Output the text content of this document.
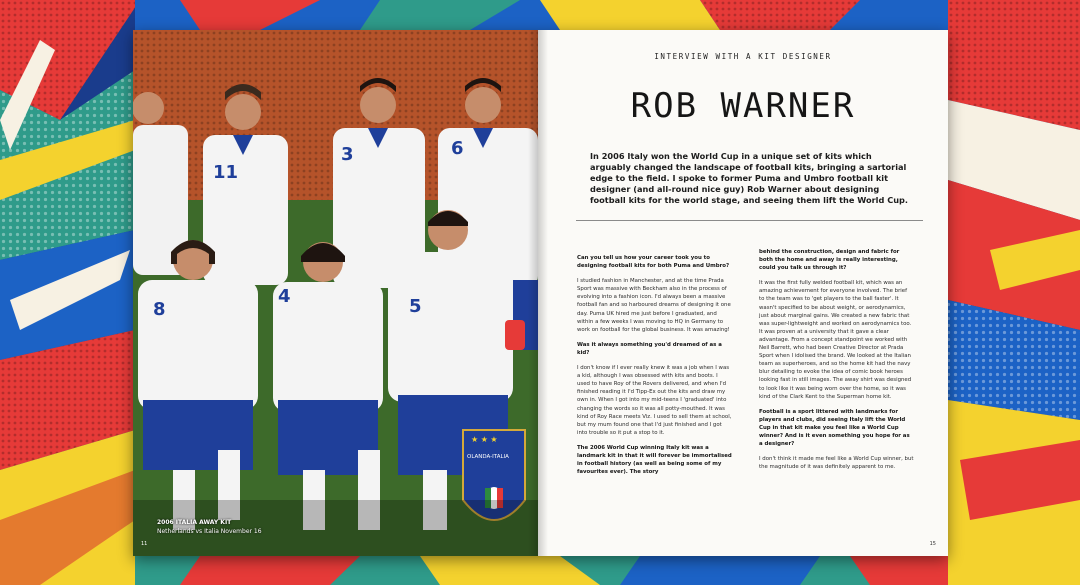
11
3	6
8
4	5
★ ★ ★
OLANDA-ITALIA
2006 ITALIA AWAY KIT
Netherlands vs Italia November 16
11
INTERVIEW WITH A KIT DESIGNER
ROB WARNER
In 2006 Italy won the World Cup in a unique set of kits which arguably changed the landscape of football kits, bringing a sartorial edge to the field. I spoke to former Puma and Umbro football kit designer (and all-round nice guy) Rob Warner about designing football kits for the world stage, and seeing them lift the World Cup.

Can you tell us how your career took you to designing football kits for both Puma and Umbro?

I studied fashion in Manchester, and at the time Prada Sport was massive with Beckham also in the process of evolving into a fashion icon. I'd always been a massive football fan and so harboured dreams of designing it one day. Puma UK hired me just before I graduated, and within a few weeks I was moving to HQ in Germany to work on football for the global business. It was amazing!

Was it always something you'd dreamed of as a kid?

I don't know if I ever really knew it was a job when I was a kid, although I was obsessed with kits and boots. I used to have Roy of the Rovers delivered, and when I'd finished reading it I'd Tipp-Ex out the kits and draw my own in. When I got into my mid-teens I 'graduated' into changing the words so it was all potty-mouthed. It was kind of Roy Race meets Viz. I used to sell them at school, but my mum found one that I'd just finished and I got into trouble so it put a stop to it.

The 2006 World Cup winning Italy kit was a landmark kit in that it will forever be immortalised in football history (as well as being some of my favourites ever). The story

behind the construction, design and fabric for both the home and away is really interesting, could you talk us through it?

It was the first fully welded football kit, which was an amazing achievement for everyone involved. The brief to the team was to 'get players to the ball faster'. It wasn't specified to be about weight, or aerodynamics, just about marginal gains. We created a new fabric that was super-lightweight and worked on aerodynamics too. It was proven at a university that it gave a clear advantage. From a concept standpoint we worked with Neil Barrett, who had been Creative Director at Prada Sport when I idolised the brand. We looked at the Italian team as superheroes, and so the home kit had the navy blur detailing to evoke the idea of comic book heroes looking fast in still images. The away shirt was designed to look like it was being worn over the home, so it was kind of the Clark Kent to the Superman home kit.

Football is a sport littered with landmarks for players and clubs, did seeing Italy lift the World Cup in that kit make you feel like a World Cup winner? And is it even something you hope for as a designer?

I don't think it made me feel like a World Cup winner, but the magnitude of it was definitely apparent to me.

15
